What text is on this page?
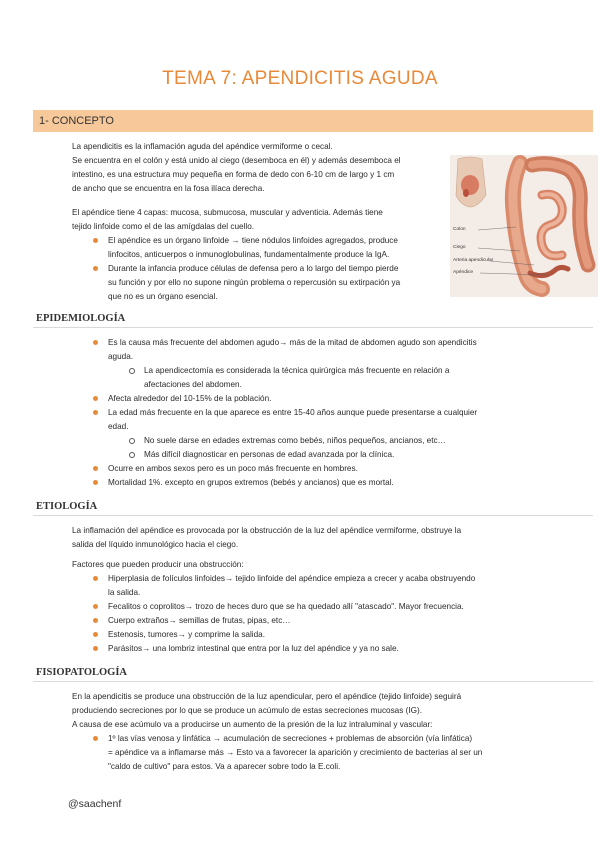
TEMA 7: APENDICITIS AGUDA
1- CONCEPTO
La apendicitis es la inflamación aguda del apéndice vermiforme o cecal.
Se encuentra en el colón y está unido al ciego (desemboca en él) y además desemboca el
intestino, es una estructura muy pequeña en forma de dedo con 6-10 cm de largo y 1 cm
de ancho que se encuentra en la fosa ilíaca derecha.
El apéndice tiene 4 capas: mucosa, submucosa, muscular y adventicia. Además tiene
tejido linfoide como el de las amígdalas del cuello.
El apéndice es un órgano linfoide → tiene nódulos linfoides agregados, produce
linfocitos, anticuerpos o inmunoglobulinas, fundamentalmente produce la IgA.
Durante la infancia produce células de defensa pero a lo largo del tiempo pierde
su función y por ello no supone ningún problema o repercusión su extirpación ya
que no es un órgano esencial.
Colon
Ciego
Arteria apendicular
Apéndice
EPIDEMIOLOGÍA
Es la causa más frecuente del abdomen agudo→ más de la mitad de abdomen agudo son apendicitis
aguda.
La apendicectomía es considerada la técnica quirúrgica más frecuente en relación a
afectaciones del abdomen.
Afecta alrededor del 10-15% de la población.
La edad más frecuente en la que aparece es entre 15-40 años aunque puede presentarse a cualquier
edad.
No suele darse en edades extremas como bebés, niños pequeños, ancianos, etc…
Más difícil diagnosticar en personas de edad avanzada por la clínica.
Ocurre en ambos sexos pero es un poco más frecuente en hombres.
Mortalidad 1%. excepto en grupos extremos (bebés y ancianos) que es mortal.
ETIOLOGÍA
La inflamación del apéndice es provocada por la obstrucción de la luz del apéndice vermiforme, obstruye la
salida del líquido inmunológico hacia el ciego.
Factores que pueden producir una obstrucción:
Hiperplasia de folículos linfoides→ tejido linfoide del apéndice empieza a crecer y acaba obstruyendo
la salida.
Fecalitos o coprolitos→ trozo de heces duro que se ha quedado allí "atascado". Mayor frecuencia.
Cuerpo extraños→ semillas de frutas, pipas, etc…
Estenosis, tumores→ y comprime la salida.
Parásitos→ una lombriz intestinal que entra por la luz del apéndice y ya no sale.
FISIOPATOLOGÍA
En la apendicitis se produce una obstrucción de la luz apendicular, pero el apéndice (tejido linfoide) seguirá
produciendo secreciones por lo que se produce un acúmulo de estas secreciones mucosas (IG).
A causa de ese acúmulo va a producirse un aumento de la presión de la luz intraluminal y vascular:
1º las vías venosa y linfática → acumulación de secreciones + problemas de absorción (vía linfática)
= apéndice va a inflamarse más → Esto va a favorecer la aparición y crecimiento de bacterias al ser un
"caldo de cultivo" para estos. Va a aparecer sobre todo la E.coli.
@saachenf
